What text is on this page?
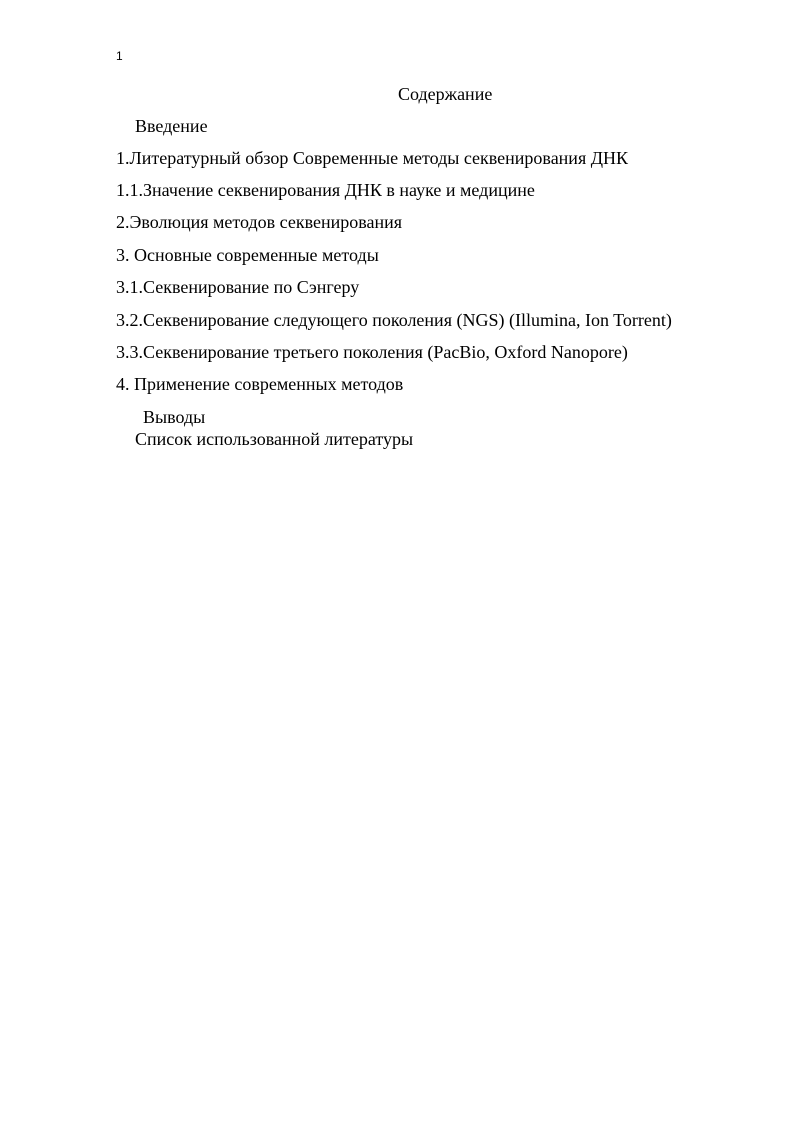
1
Содержание
Введение
1.Литературный обзор Современные методы секвенирования ДНК
1.1.Значение секвенирования ДНК в науке и медицине
2.Эволюция методов секвенирования
3. Основные современные методы
3.1.Секвенирование по Сэнгеру
3.2.Секвенирование следующего поколения (NGS) (Illumina, Ion Torrent)
3.3.Секвенирование третьего поколения (PacBio, Oxford Nanopore)
4. Применение современных методов
Выводы
Список использованной литературы
